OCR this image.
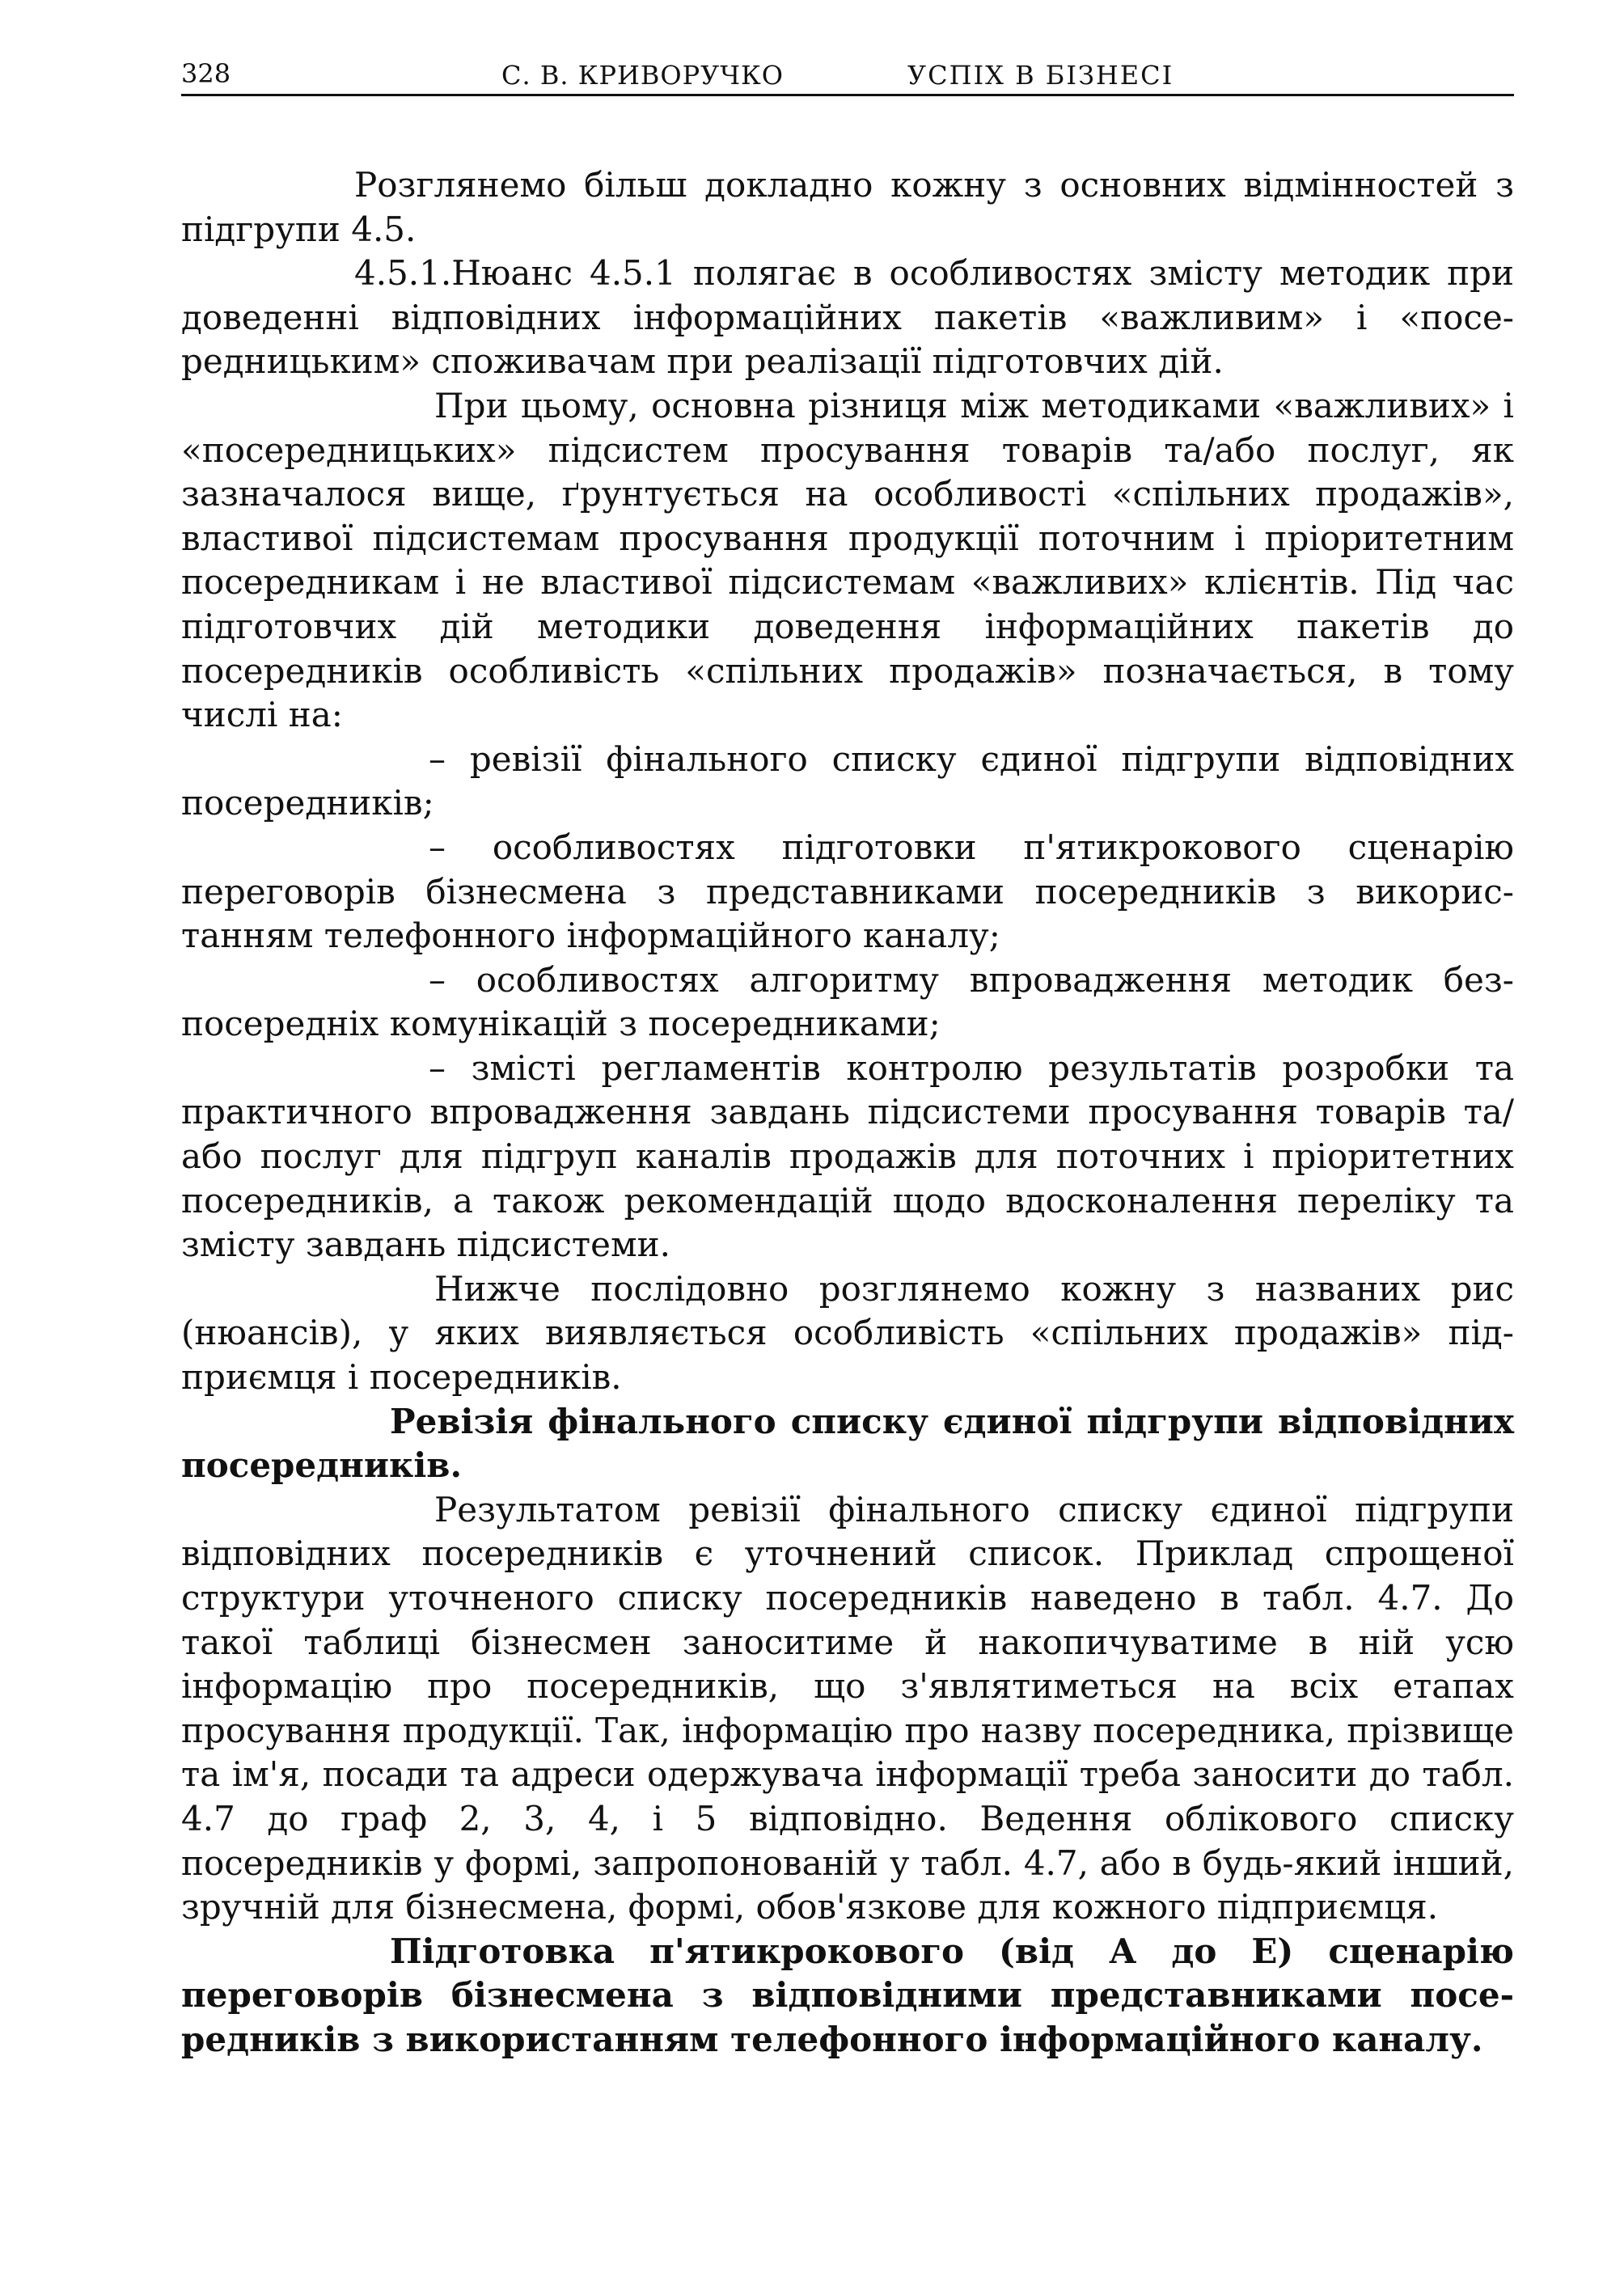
328	С. В. КРИВОРУЧКО	УСПІХ В БІЗНЕСІ

Розглянемо більш докладно кожну з основних відмінностей з підгрупи 4.5.

4.5.1.Нюанс 4.5.1 полягає в особливостях змісту методик при доведенні відповідних інформаційних пакетів «важливим» і «посередницьким» споживачам при реалізації підготовчих дій.

При цьому, основна різниця між методиками «важливих» і «посередницьких» підсистем просування товарів та/або послуг, як зазначалося вище, ґрунтується на особливості «спільних продажів», властивої підсистемам просування продукції поточним і пріоритетним посередникам і не властивої підсистемам «важливих» клієнтів. Під час підготовчих дій методики доведення інформаційних пакетів до посередників особливість «спільних продажів» позначається, в тому числі на:

– ревізії фінального списку єдиної підгрупи відповідних посередників;

– особливостях підготовки п'ятикрокового сценарію переговорів бізнесмена з представниками посередників з використанням телефонного інформаційного каналу;

– особливостях алгоритму впровадження методик безпосередніх комунікацій з посередниками;

– змісті регламентів контролю результатів розробки та практичного впровадження завдань підсистеми просування товарів та/або послуг для підгруп каналів продажів для поточних і пріоритетних посередників, а також рекомендацій щодо вдосконалення переліку та змісту завдань підсистеми.

Нижче послідовно розглянемо кожну з названих рис (нюансів), у яких виявляється особливість «спільних продажів» підприємця і посередників.

Ревізія фінального списку єдиної підгрупи відповідних посередників.

Результатом ревізії фінального списку єдиної підгрупи відповідних посередників є уточнений список. Приклад спрощеної структури уточненого списку посередників наведено в табл. 4.7. До такої таблиці бізнесмен заноситиме й накопичуватиме в ній усю інформацію про посередників, що з'являтиметься на всіх етапах просування продукції. Так, інформацію про назву посередника, прізвище та ім'я, посади та адреси одержувача інформації треба заносити до табл. 4.7 до граф 2, 3, 4, і 5 відповідно. Ведення облікового списку посередників у формі, запропонованій у табл. 4.7, або в будь-який інший, зручній для бізнесмена, формі, обов'язкове для кожного підприємця.

Підготовка п'ятикрокового (від А до Е) сценарію переговорів бізнесмена з відповідними представниками посередників з використанням телефонного інформаційного каналу.
